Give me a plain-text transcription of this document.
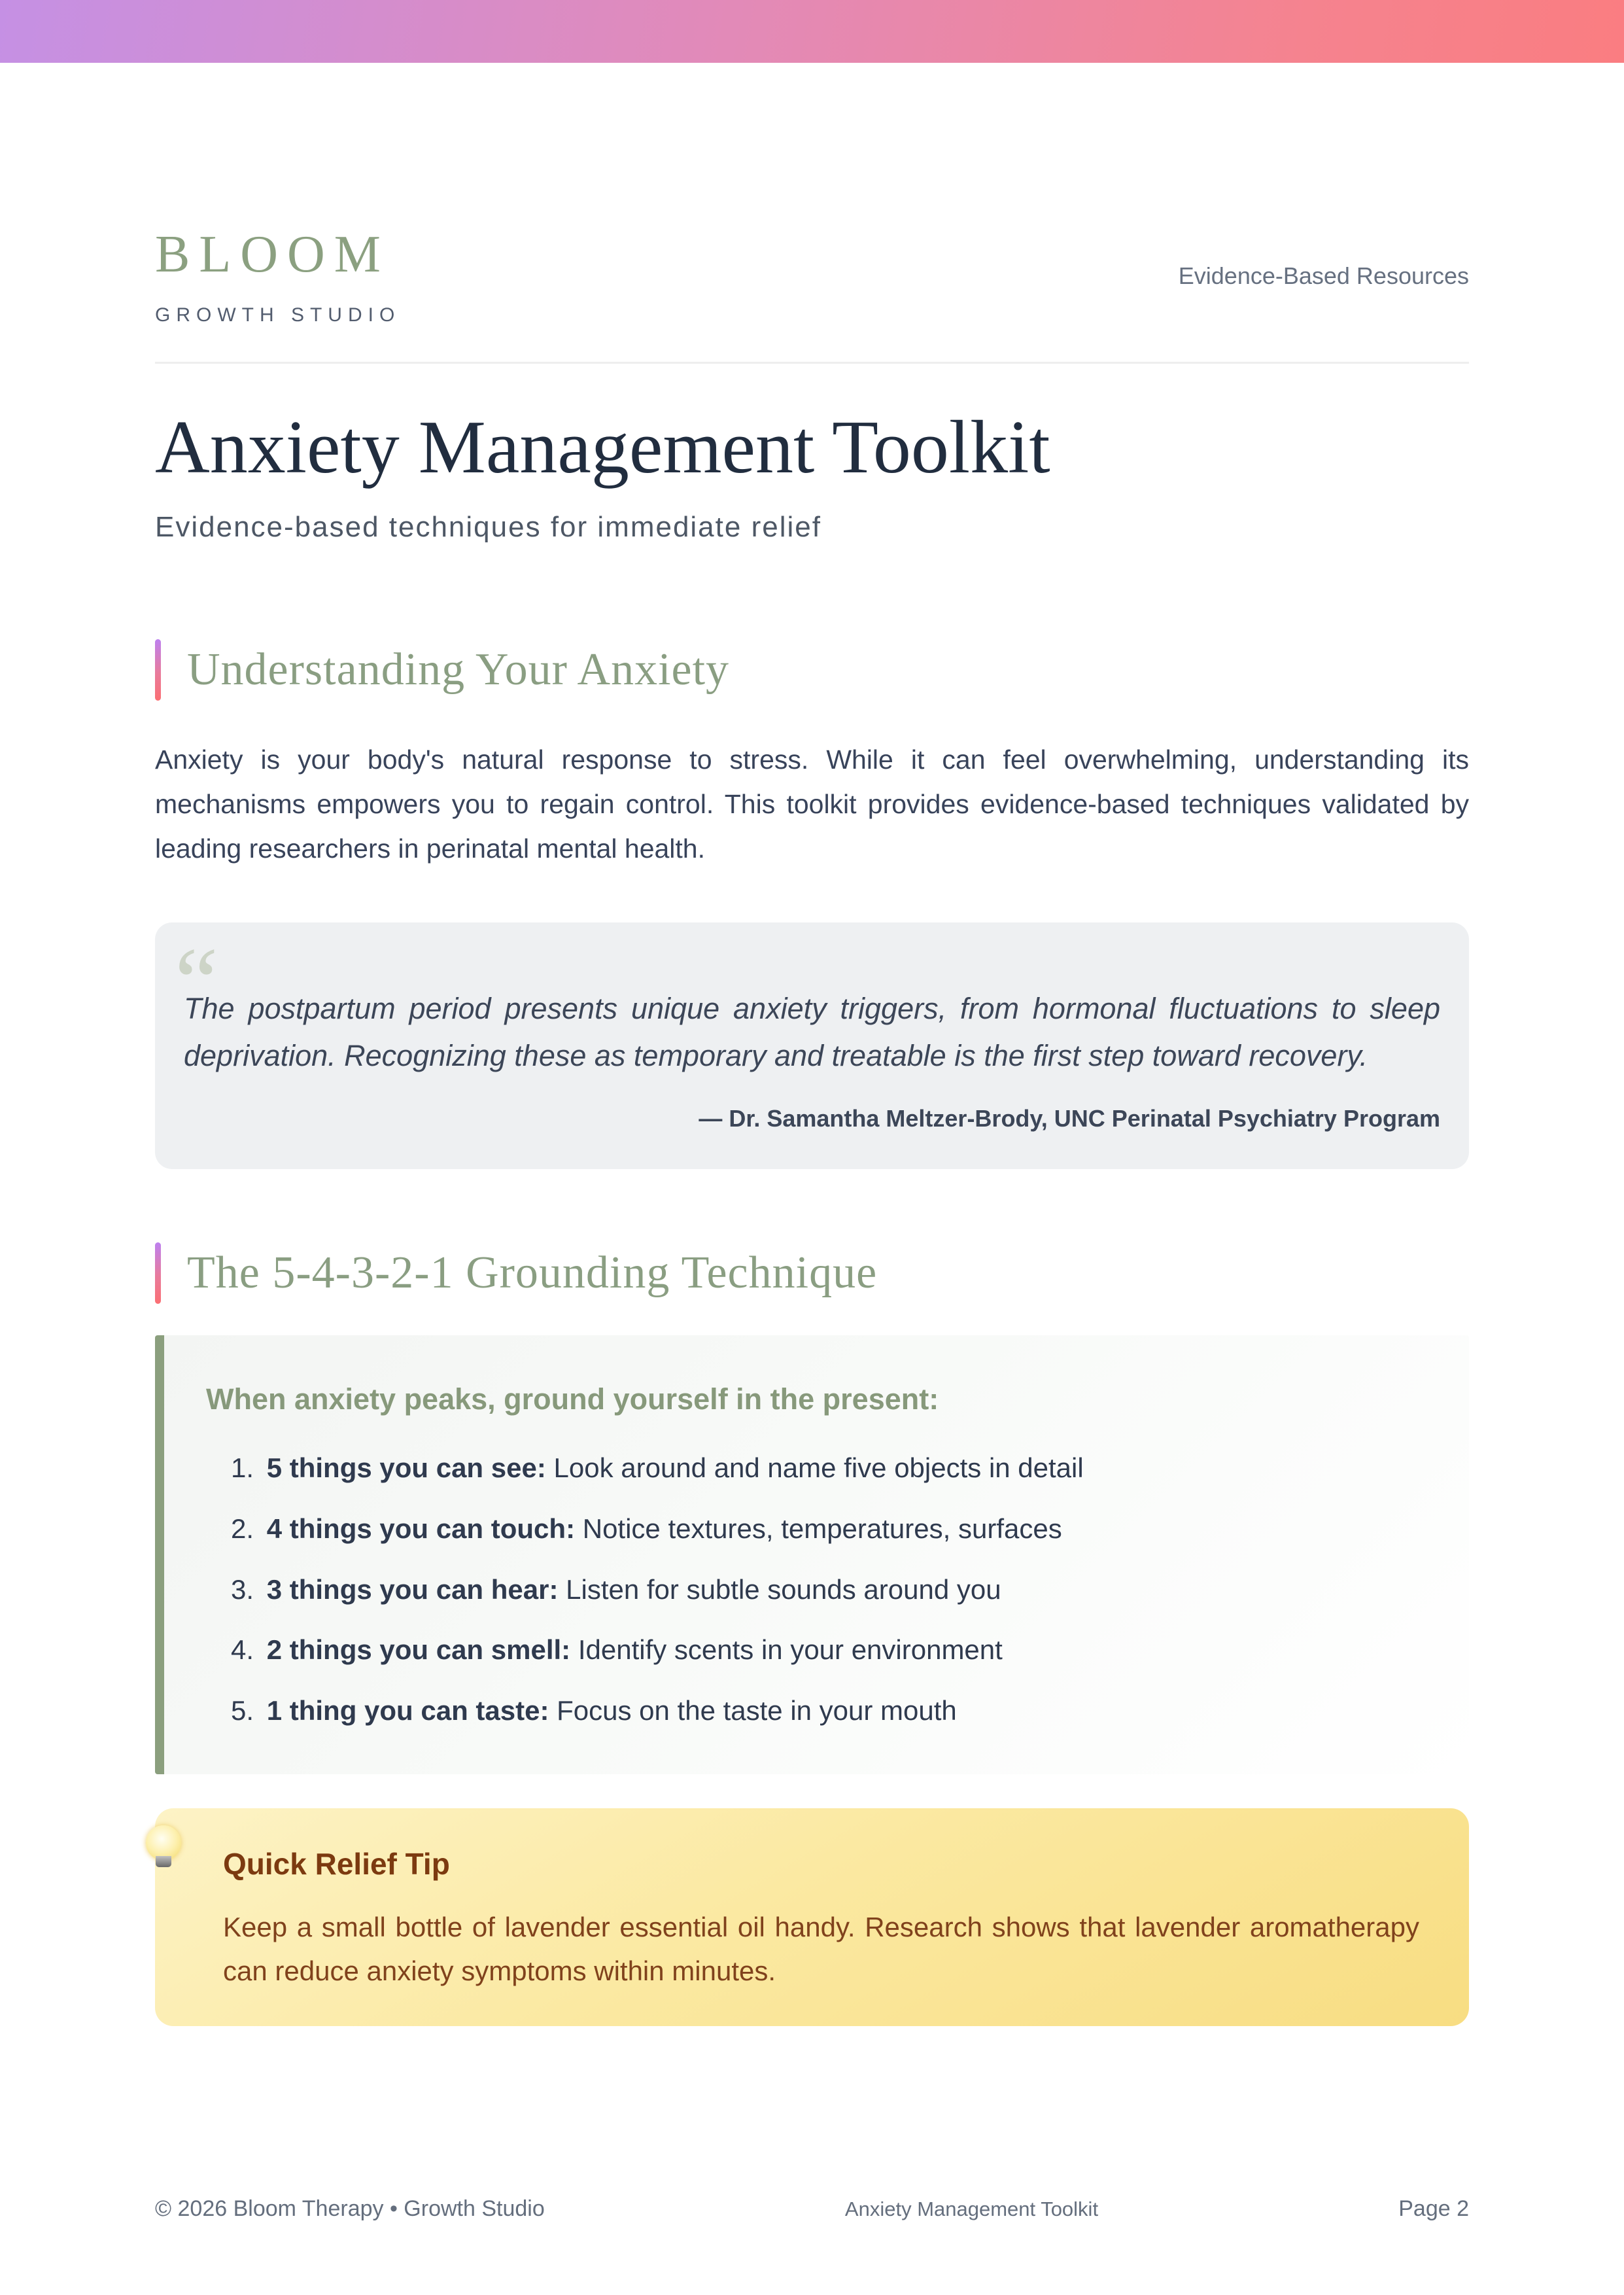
BLOOM
GROWTH STUDIO
Evidence-Based Resources
Anxiety Management Toolkit
Evidence-based techniques for immediate relief
Understanding Your Anxiety

Anxiety is your body's natural response to stress. While it can feel overwhelming, understanding its mechanisms empowers you to regain control. This toolkit provides evidence-based techniques validated by leading researchers in perinatal mental health.

“

The postpartum period presents unique anxiety triggers, from hormonal fluctuations to sleep deprivation. Recognizing these as temporary and treatable is the first step toward recovery.

— Dr. Samantha Meltzer-Brody, UNC Perinatal Psychiatry Program
The 5-4-3-2-1 Grounding Technique
When anxiety peaks, ground yourself in the present:
1. 5 things you can see: Look around and name five objects in detail
2. 4 things you can touch: Notice textures, temperatures, surfaces
3. 3 things you can hear: Listen for subtle sounds around you
4. 2 things you can smell: Identify scents in your environment
5. 1 thing you can taste: Focus on the taste in your mouth
Quick Relief Tip

Keep a small bottle of lavender essential oil handy. Research shows that lavender aromatherapy can reduce anxiety symptoms within minutes.

© 2026 Bloom Therapy • Growth Studio	Anxiety Management Toolkit	Page 2
